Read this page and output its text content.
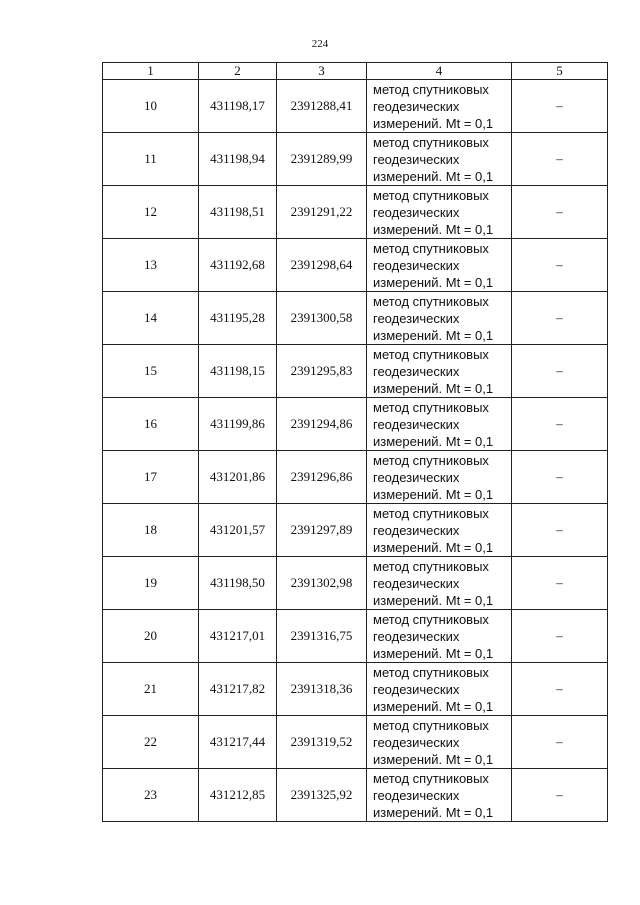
224
1	2	3	4	5
10	431198,17	2391288,41	метод спутниковых
геодезических
измерений. Mt = 0,1	–
11	431198,94	2391289,99	метод спутниковых
геодезических
измерений. Mt = 0,1	–
12	431198,51	2391291,22	метод спутниковых
геодезических
измерений. Mt = 0,1	–
13	431192,68	2391298,64	метод спутниковых
геодезических
измерений. Mt = 0,1	–
14	431195,28	2391300,58	метод спутниковых
геодезических
измерений. Mt = 0,1	–
15	431198,15	2391295,83	метод спутниковых
геодезических
измерений. Mt = 0,1	–
16	431199,86	2391294,86	метод спутниковых
геодезических
измерений. Mt = 0,1	–
17	431201,86	2391296,86	метод спутниковых
геодезических
измерений. Mt = 0,1	–
18	431201,57	2391297,89	метод спутниковых
геодезических
измерений. Mt = 0,1	–
19	431198,50	2391302,98	метод спутниковых
геодезических
измерений. Mt = 0,1	–
20	431217,01	2391316,75	метод спутниковых
геодезических
измерений. Mt = 0,1	–
21	431217,82	2391318,36	метод спутниковых
геодезических
измерений. Mt = 0,1	–
22	431217,44	2391319,52	метод спутниковых
геодезических
измерений. Mt = 0,1	–
23	431212,85	2391325,92	метод спутниковых
геодезических
измерений. Mt = 0,1	–
